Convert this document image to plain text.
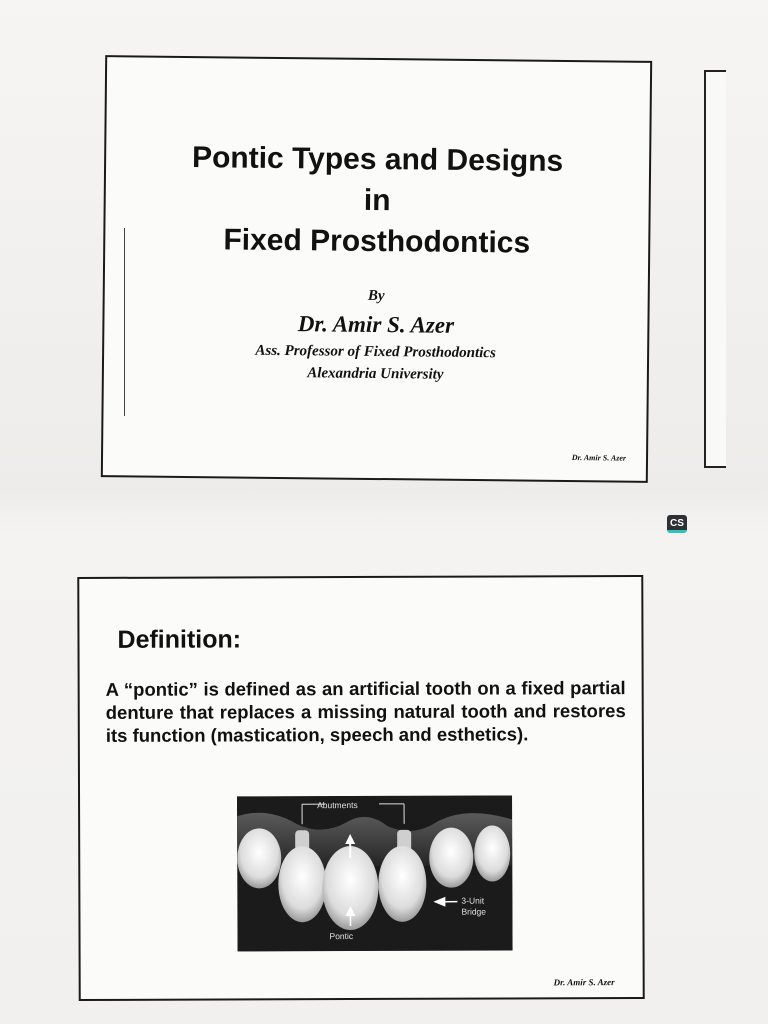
Pontic Types and Designs
in
Fixed Prosthodontics
By
Dr. Amir S. Azer
Ass. Professor of Fixed Prosthodontics
Alexandria University
Dr. Amir S. Azer
CS
Definition:
A “pontic” is defined as an artificial tooth on a fixed partial denture that replaces a missing natural tooth and restores its function (mastication, speech and esthetics).
Abutments
3-Unit
Bridge
Pontic
Dr. Amir S. Azer
